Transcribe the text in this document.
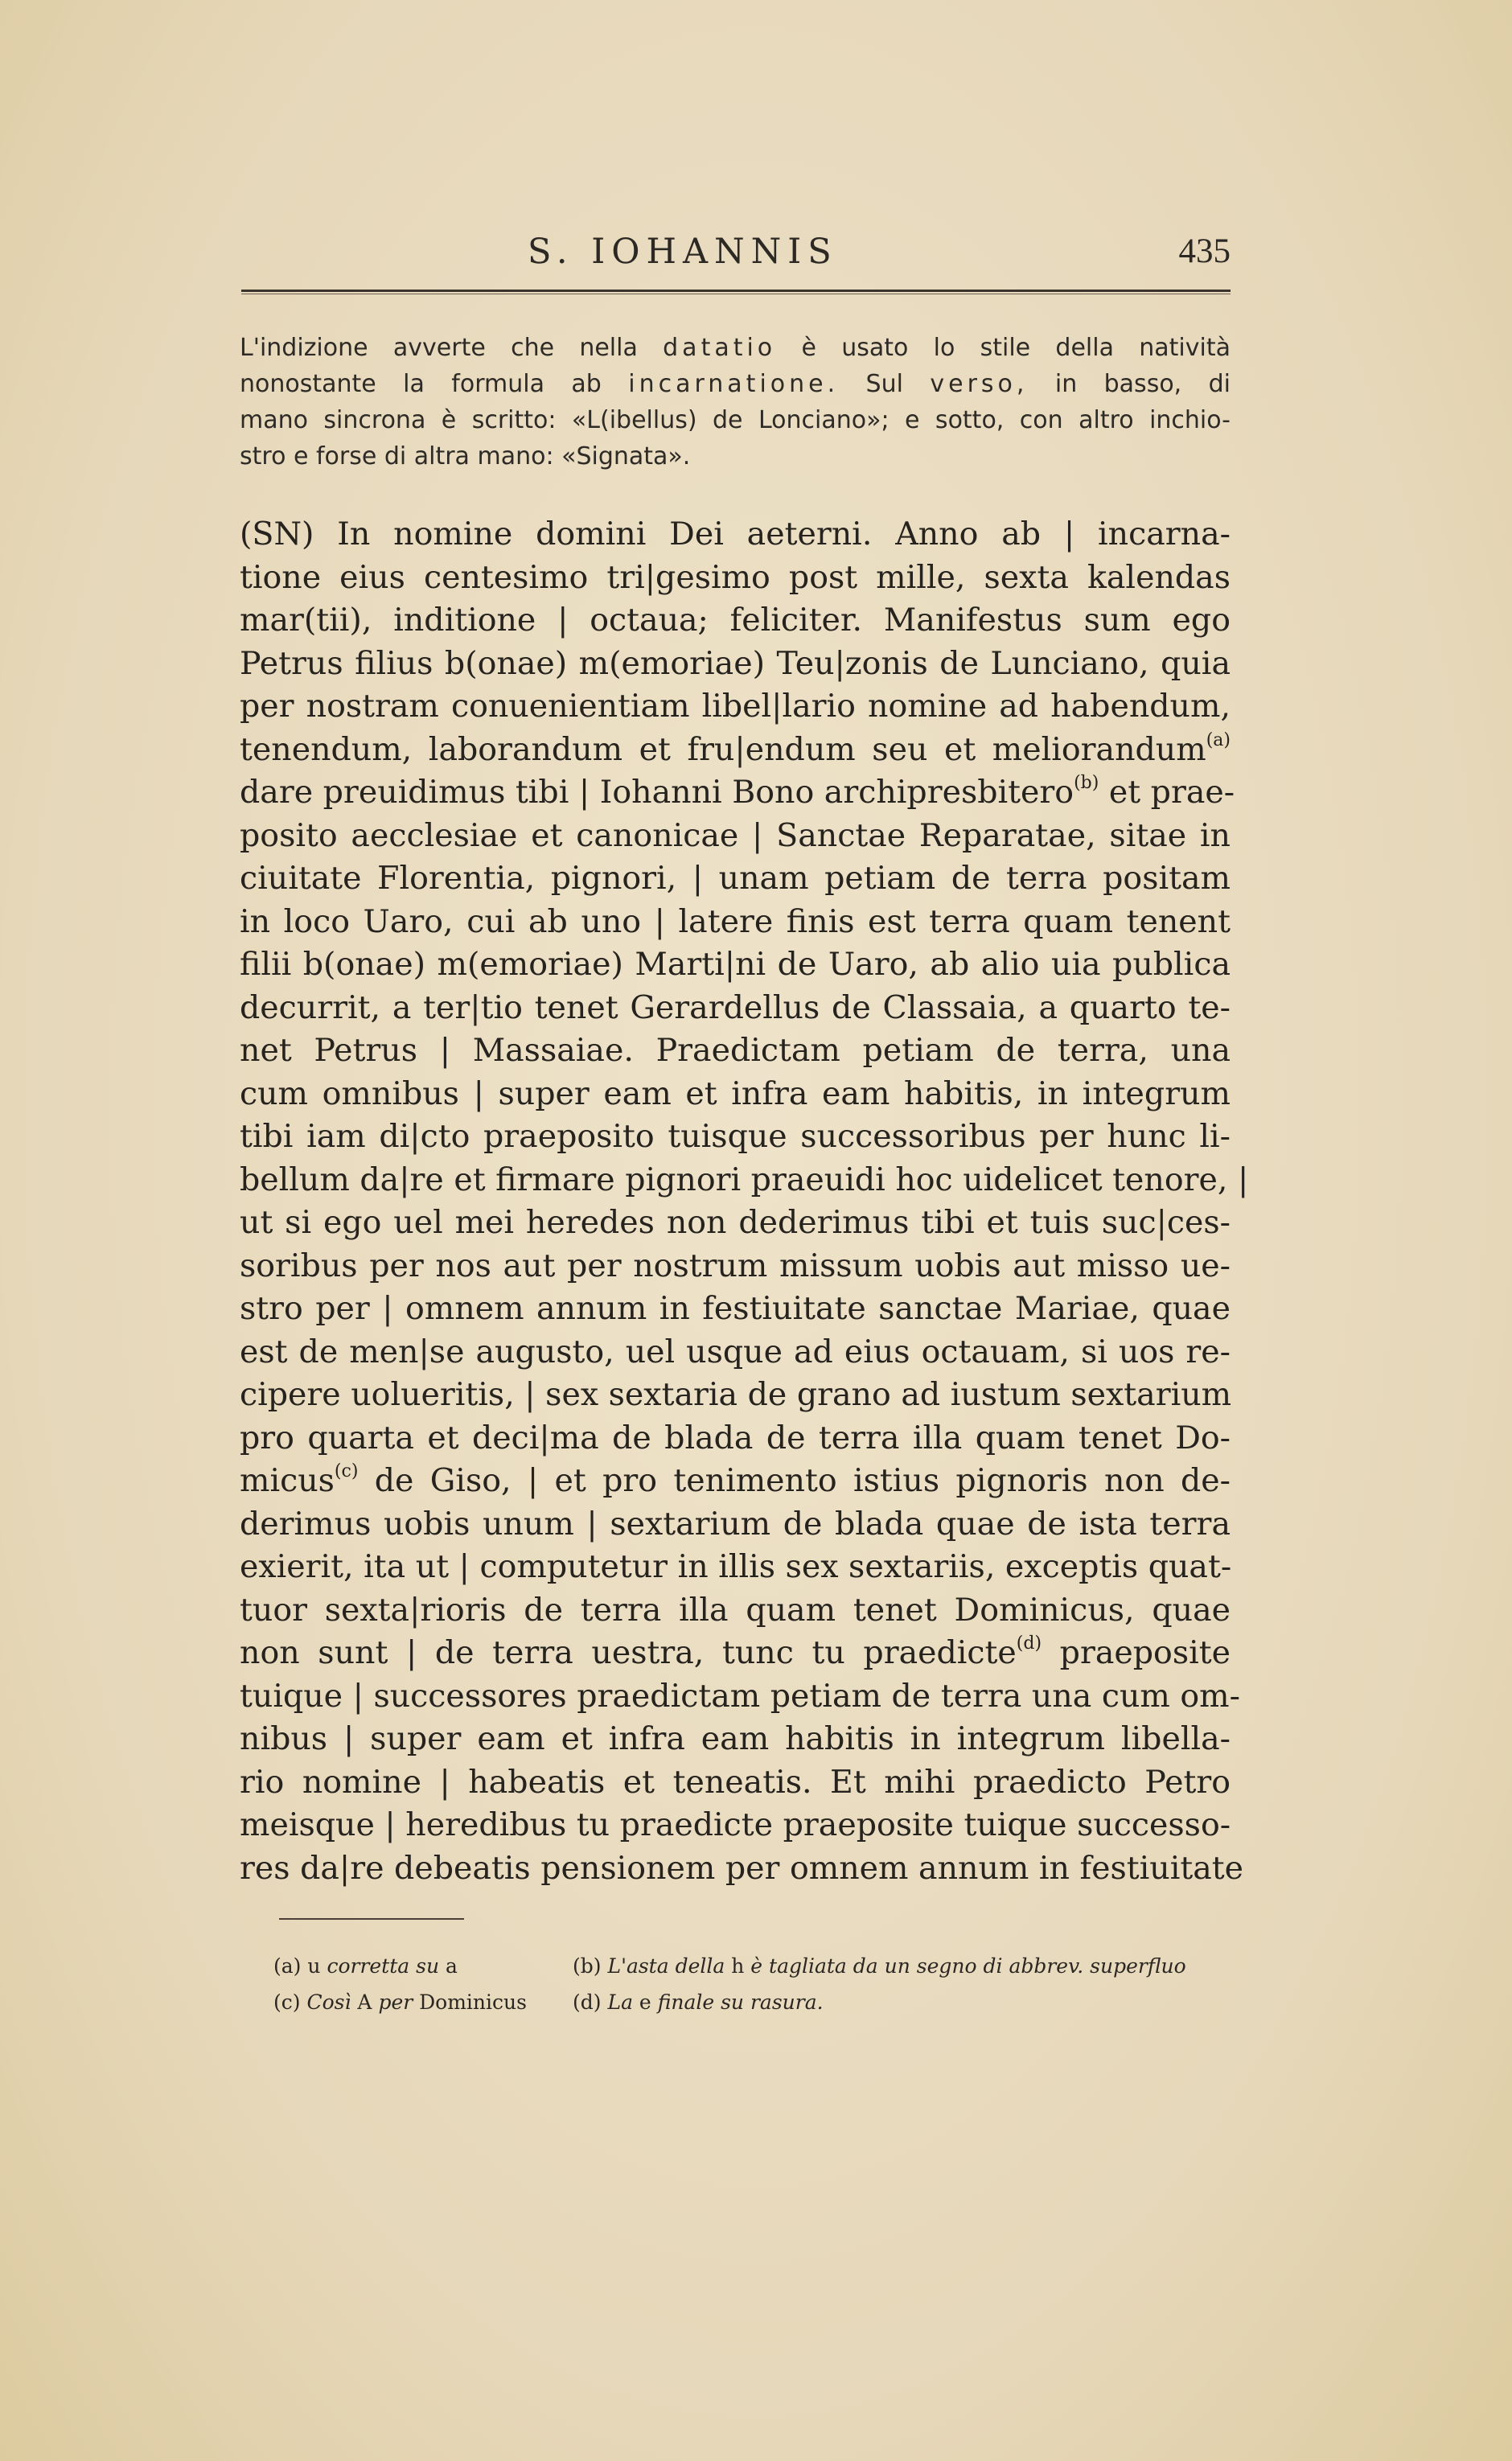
S. IOHANNIS	435
L'indizione avverte che nella datatio è usato lo stile della natività
nonostante la formula ab incarnatione. Sul verso, in basso, di
mano sincrona è scritto: «L(ibellus) de Lonciano»; e sotto, con altro inchio-
stro e forse di altra mano: «Signata».
(SN) In nomine domini Dei aeterni. Anno ab | incarna-
tione eius centesimo tri|gesimo post mille, sexta kalendas
mar(tii), inditione | octaua; feliciter. Manifestus sum ego
Petrus filius b(onae) m(emoriae) Teu|zonis de Lunciano, quia
per nostram conuenientiam libel|lario nomine ad habendum,
tenendum, laborandum et fru|endum seu et meliorandum$^{(a)}$
dare preuidimus tibi | Iohanni Bono archipresbitero$^{(b)}$ et prae-
posito aecclesiae et canonicae | Sanctae Reparatae, sitae in
ciuitate Florentia, pignori, | unam petiam de terra positam
in loco Uaro, cui ab uno | latere finis est terra quam tenent
filii b(onae) m(emoriae) Marti|ni de Uaro, ab alio uia publica
decurrit, a ter|tio tenet Gerardellus de Classaia, a quarto te-
net Petrus | Massaiae. Praedictam petiam de terra, una
cum omnibus | super eam et infra eam habitis, in integrum
tibi iam di|cto praeposito tuisque successoribus per hunc li-
bellum da|re et firmare pignori praeuidi hoc uidelicet tenore, |
ut si ego uel mei heredes non dederimus tibi et tuis suc|ces-
soribus per nos aut per nostrum missum uobis aut misso ue-
stro per | omnem annum in festiuitate sanctae Mariae, quae
est de men|se augusto, uel usque ad eius octauam, si uos re-
cipere uolueritis, | sex sextaria de grano ad iustum sextarium
pro quarta et deci|ma de blada de terra illa quam tenet Do-
micus$^{(c)}$ de Giso, | et pro tenimento istius pignoris non de-
derimus uobis unum | sextarium de blada quae de ista terra
exierit, ita ut | computetur in illis sex sextariis, exceptis quat-
tuor sexta|rioris de terra illa quam tenet Dominicus, quae
non sunt | de terra uestra, tunc tu praedicte$^{(d)}$ praeposite
tuique | successores praedictam petiam de terra una cum om-
nibus | super eam et infra eam habitis in integrum libella-
rio nomine | habeatis et teneatis. Et mihi praedicto Petro
meisque | heredibus tu praedicte praeposite tuique successo-
res da|re debeatis pensionem per omnem annum in festiuitate
(a) u corretta su a	(b) L'asta della h è tagliata da un segno di abbrev. superfluo
(c) Così A per Dominicus (d) La e finale su rasura.
